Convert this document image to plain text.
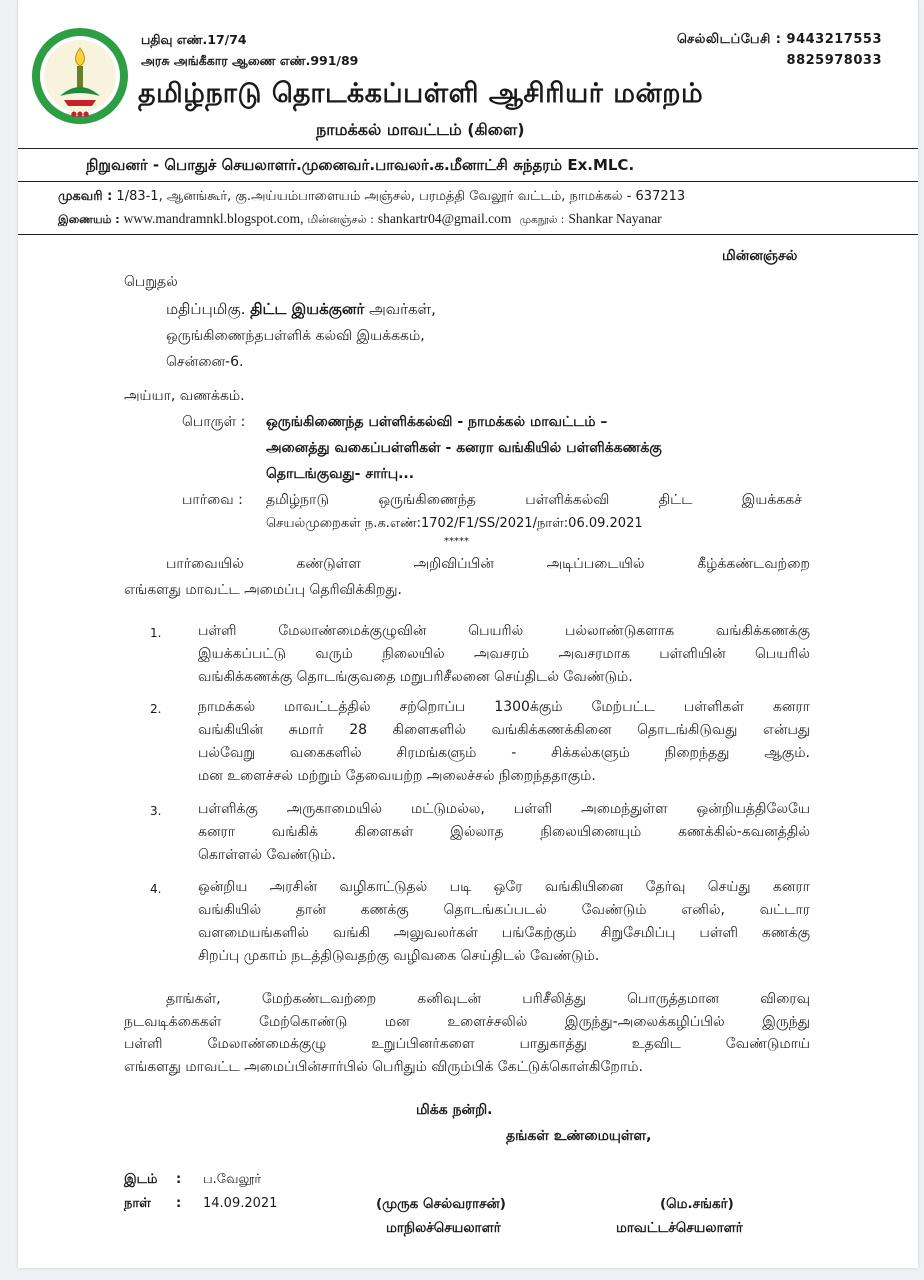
●●●
பதிவு எண்.17/74
அரசு அங்கீகார ஆணை எண்.991/89
செல்லிடப்பேசி : 9443217553
8825978033
தமிழ்நாடு தொடக்கப்பள்ளி ஆசிரியர் மன்றம்
நாமக்கல் மாவட்டம் (கிளை)
நிறுவனர் - பொதுச் செயலாளர்.முனைவர்.பாவலர்.க.மீனாட்சி சுந்தரம் Ex.MLC.
முகவரி : 1/83-1, ஆனங்கூர், கு.அய்யம்பாளையம் அஞ்சல், பரமத்தி வேலூர் வட்டம், நாமக்கல் - 637213
இணையம் : www.mandramnkl.blogspot.com, மின்னஞ்சல் : shankartr04@gmail.com முகநூல் : Shankar Nayanar
மின்னஞ்சல்
பெறுதல்
மதிப்புமிகு. திட்ட இயக்குனர் அவர்கள்,
ஒருங்கிணைந்தபள்ளிக் கல்வி இயக்ககம்,
சென்னை-6.
அய்யா, வணக்கம்.
பொருள் : ஒருங்கிணைந்த பள்ளிக்கல்வி - நாமக்கல் மாவட்டம் –
அனைத்து வகைப்பள்ளிகள் - கனரா வங்கியில் பள்ளிக்கணக்கு
தொடங்குவது- சார்பு...
பார்வை : தமிழ்நாடு ஒருங்கிணைந்த பள்ளிக்கல்வி திட்ட இயக்ககச்
செயல்முறைகள் ந.க.எண்:1702/F1/SS/2021/நாள்:06.09.2021
*****
பார்வையில் கண்டுள்ள அறிவிப்பின் அடிப்படையில் கீழ்க்கண்டவற்றை
எங்களது மாவட்ட அமைப்பு தெரிவிக்கிறது.
1.	பள்ளி மேலாண்மைக்குழுவின் பெயரில் பல்லாண்டுகளாக வங்கிக்கணக்கு
இயக்கப்பட்டு வரும் நிலையில் அவசரம் அவசரமாக பள்ளியின் பெயரில்
வங்கிக்கணக்கு தொடங்குவதை மறுபரிசீலனை செய்திடல் வேண்டும்.
2.	நாமக்கல் மாவட்டத்தில் சற்றொப்ப 1300க்கும் மேற்பட்ட பள்ளிகள் கனரா
வங்கியின் சுமார் 28 கிளைகளில் வங்கிக்கணக்கினை தொடங்கிடுவது என்பது
பல்வேறு வகைகளில் சிரமங்களும் - சிக்கல்களும் நிறைந்தது ஆகும்.
மன உளைச்சல் மற்றும் தேவையற்ற அலைச்சல் நிறைந்ததாகும்.
3.	பள்ளிக்கு அருகாமையில் மட்டுமல்ல, பள்ளி அமைந்துள்ள ஒன்றியத்திலேயே
கனரா வங்கிக் கிளைகள் இல்லாத நிலையினையும் கணக்கில்-கவனத்தில்
கொள்ளல் வேண்டும்.
4.	ஒன்றிய அரசின் வழிகாட்டுதல் படி ஒரே வங்கியினை தேர்வு செய்து கனரா
வங்கியில் தான் கணக்கு தொடங்கப்படல் வேண்டும் எனில், வட்டார
வளமையங்களில் வங்கி அலுவலர்கள் பங்கேற்கும் சிறுசேமிப்பு பள்ளி கணக்கு
சிறப்பு முகாம் நடத்திடுவதற்கு வழிவகை செய்திடல் வேண்டும்.
தாங்கள், மேற்கண்டவற்றை கனிவுடன் பரிசீலித்து பொருத்தமான விரைவு
நடவடிக்கைகள் மேற்கொண்டு மன உளைச்சலில் இருந்து-அலைக்கழிப்பில் இருந்து
பள்ளி மேலாண்மைக்குழு உறுப்பினர்களை பாதுகாத்து உதவிட வேண்டுமாய்
எங்களது மாவட்ட அமைப்பின்சார்பில் பெரிதும் விரும்பிக் கேட்டுக்கொள்கிறோம்.
மிக்க நன்றி.
தங்கள் உண்மையுள்ள,
இடம் : ப.வேலூர்
நாள் : 14.09.2021	(முருக செல்வராசன்)
மாநிலச்செயலாளர்
(மெ.சங்கர்)
மாவட்டச்செயலாளர்
